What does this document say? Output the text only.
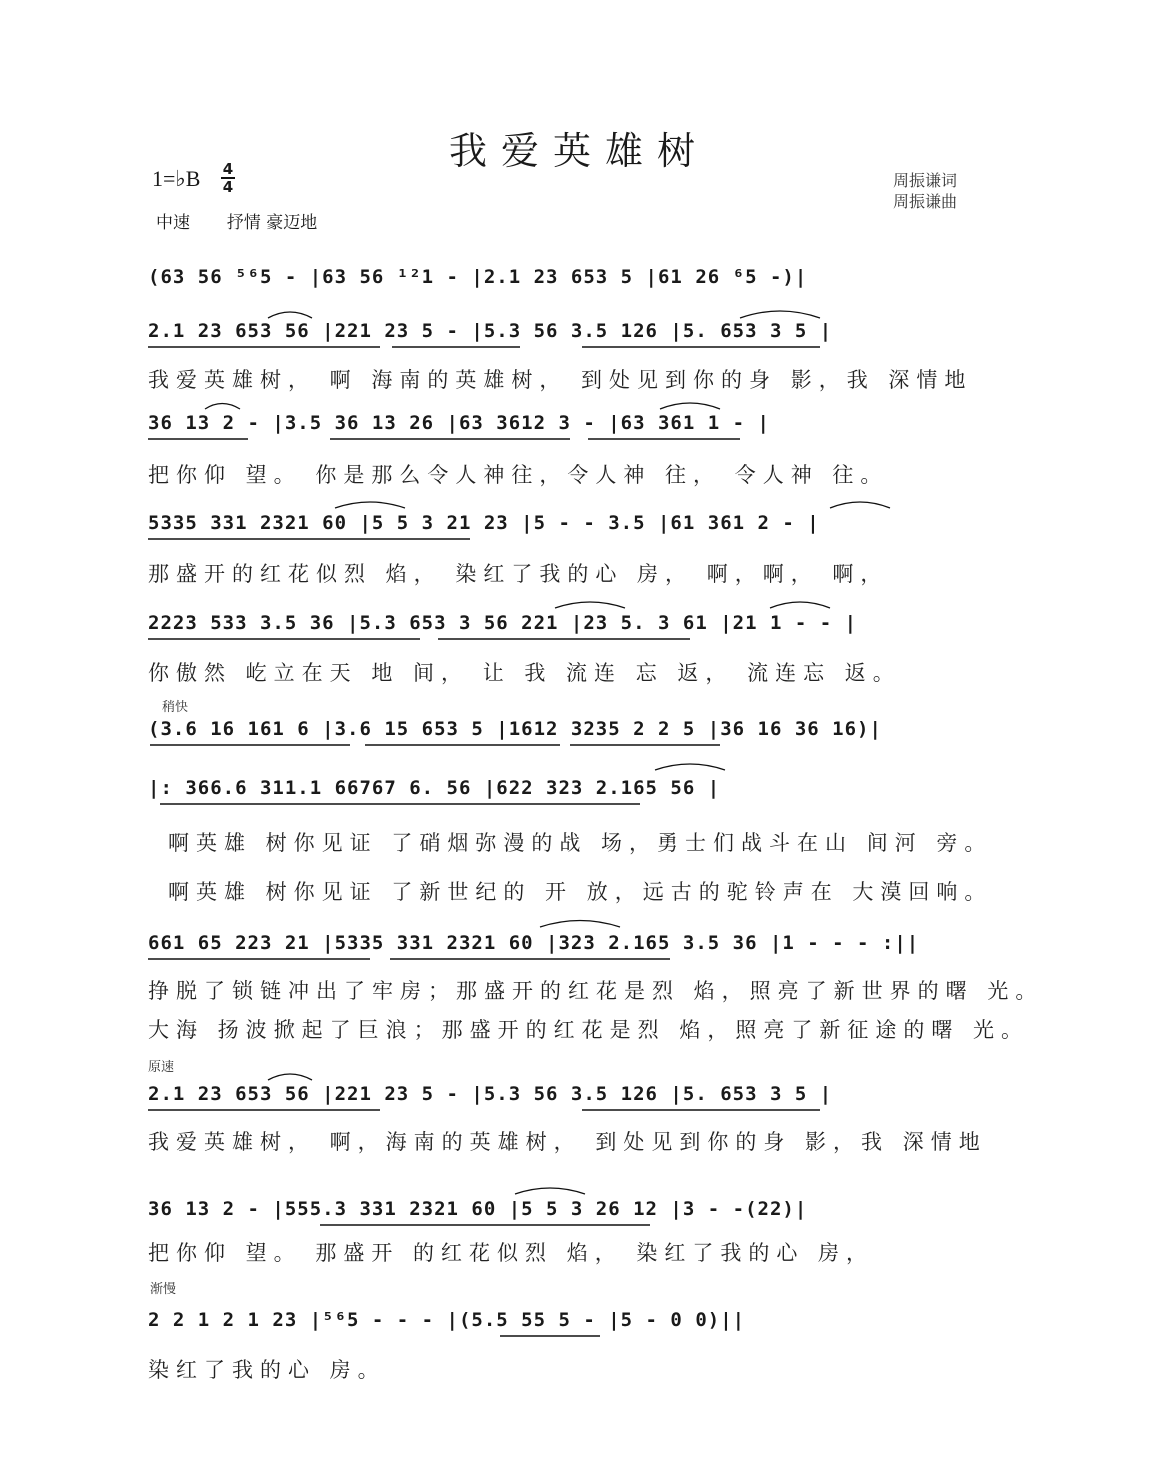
我爱英雄树
1=♭B 4
4
中速 抒情 豪迈地
周振谦词
周振谦曲
(63 56 ⁵⁶5 - |63 56 ¹²1 - |2.1 23 653 5 |61 26 ⁶5 -)|
2.1 23 653 56 |221 23 5 - |5.3 56 3.5 126 |5. 653 3 5 |
我爱英雄树， 啊 海南的英雄树， 到处见到你的身 影，我 深情地
36 13 2 - |3.5 36 13 26 |63 3612 3 - |63 361 1 - |
把你仰 望。 你是那么令人神往，令人神 往， 令人神 往。
5335 331 2321 60 |5 5 3 21 23 |5 - - 3.5 |61 361 2 - |
那盛开的红花似烈 焰， 染红了我的心 房， 啊，啊， 啊，
2223 533 3.5 36 |5.3 653 3 56 221 |23 5. 3 61 |21 1 - - |
你傲然 屹立在天 地 间， 让 我 流连 忘 返， 流连忘 返。
稍快
(3.6 16 161 6 |3.6 15 653 5 |1612 3235 2 2 5 |36 16 36 16)|
|: 366.6 311.1 66767 6. 56 |622 323 2.165 56 |
啊英雄 树你见证 了硝烟弥漫的战 场，勇士们战斗在山 间河 旁。
啊英雄 树你见证 了新世纪的 开 放，远古的驼铃声在 大漠回响。
661 65 223 21 |5335 331 2321 60 |323 2.165 3.5 36 |1 - - - :||
挣脱了锁链冲出了牢房；那盛开的红花是烈 焰，照亮了新世界的曙 光。
大海 扬波掀起了巨浪；那盛开的红花是烈 焰，照亮了新征途的曙 光。
原速
2.1 23 653 56 |221 23 5 - |5.3 56 3.5 126 |5. 653 3 5 |
我爱英雄树， 啊，海南的英雄树， 到处见到你的身 影，我 深情地
36 13 2 - |555.3 331 2321 60 |5 5 3 26 12 |3 - -(22)|
把你仰 望。 那盛开 的红花似烈 焰， 染红了我的心 房，
渐慢
2 2 1 2 1 23 |⁵⁶5 - - - |(5.5 55 5 - |5 - 0 0)||
染红了我的心 房。
